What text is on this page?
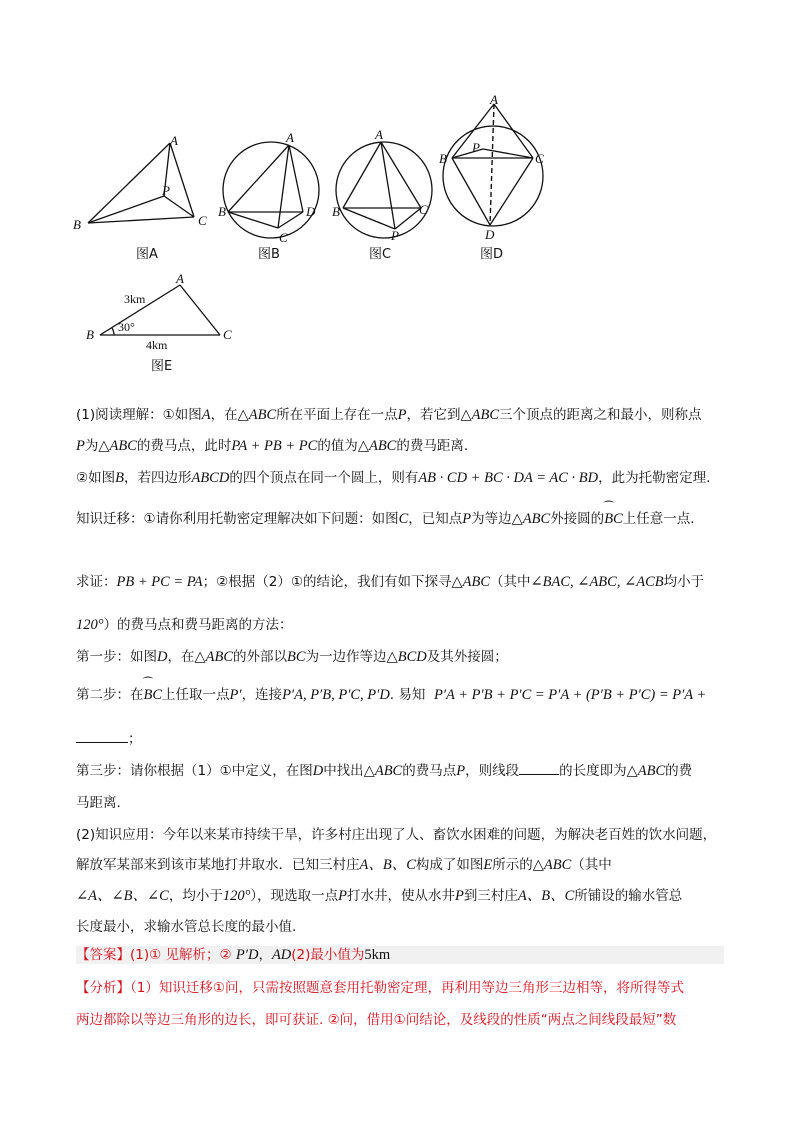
A
B	C
P
图A
A
B
C
D
图B
A
B	C
P
图C
A
B	C
P
D
图D
A
B	C
3km
30°
4km
图E
(1)阅读理解：①如图A，在△ABC所在平面上存在一点P，若它到△ABC三个顶点的距离之和最小，则称点
P为△ABC的费马点，此时PA + PB + PC的值为△ABC的费马距离.
②如图B，若四边形ABCD的四个顶点在同一个圆上，则有AB · CD + BC · DA = AC · BD，此为托勒密定理.
知识迁移：①请你利用托勒密定理解决如下问题：如图C，已知点P为等边△ABC外接圆的⁀ BC上任意一点.
求证：PB + PC = PA；②根据（2）①的结论，我们有如下探寻△ABC（其中∠BAC, ∠ABC, ∠ACB均小于
120°）的费马点和费马距离的方法：
第一步：如图D，在△ABC的外部以BC为一边作等边△BCD及其外接圆；
第二步：在⁀ BC上任取一点P′，连接P′A, P′B, P′C, P′D. 易知 P′A + P′B + P′C = P′A + (P′B + P′C) = P′A +
；
第三步：请你根据（1）①中定义，在图D中找出△ABC的费马点P，则线段	的长度即为△ABC的费
马距离.
(2)知识应用：今年以来某市持续干旱，许多村庄出现了人、畜饮水困难的问题，为解决老百姓的饮水问题，
解放军某部来到该市某地打井取水．已知三村庄A、B、C构成了如图E所示的△ABC（其中
∠A、∠B、∠C，均小于120°），现选取一点P打水井，使从水井P到三村庄A、B、C所铺设的输水管总
长度最小，求输水管总长度的最小值.
【答案】(1)① 见解析；② P′D，AD(2)最小值为5km
【分析】（1）知识迁移①问，只需按照题意套用托勒密定理，再利用等边三角形三边相等，将所得等式
两边都除以等边三角形的边长，即可获证. ②问，借用①问结论，及线段的性质“两点之间线段最短”数
